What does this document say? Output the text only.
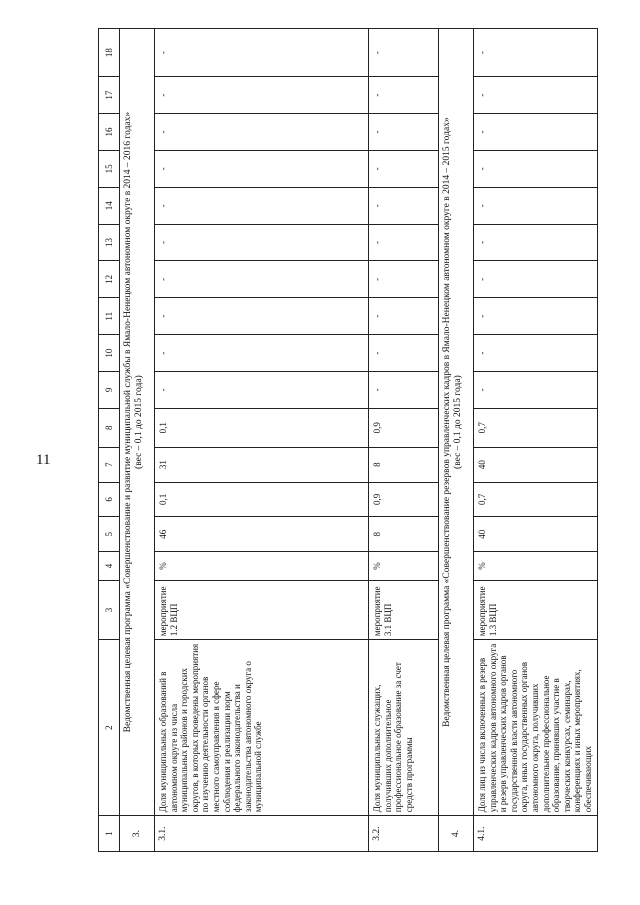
11
1	2	3	4	5	6	7	8	9	10	11	12	13	14	15	16	17	18
3.	Ведомственная целевая программа «Совершенствование и развитие муниципальной службы в Ямало-Ненецком автономном округе в 2014 – 2016 годах» (вес – 0,1 до 2015 года)																

3.1.	Доля муниципальных образований в автономном округе из числа муниципальных районов и городских округов, в которых проведены мероприятия по изучению деятельности органов местного самоуправления в сфере соблюдения и реализации норм федерального законодательства и законодательства автономного округа о муниципальной службе	мероприятие 1.2 ВЦП	%	46	0,1	31	0,1	-	-	-	-	-	-	-	-	-	-
3.2.	Доля муниципальных служащих, получивших дополнительное профессиональное образование за счет средств программы	мероприятие 3.1 ВЦП	%	8	0,9	8	0,9	-	-	-	-	-	-	-	-	-	-
4.	Ведомственная целевая программа «Совершенствование резервов управленческих кадров в Ямало-Ненецком автономном округе в 2014 – 2015 годах» (вес – 0,1 до 2015 года)																

4.1.	Доля лиц из числа включенных в резерв управленческих кадров автономного округа и резерв управленческих кадров органов государственной власти автономного округа, иных государственных органов автономного округа, получивших дополнительное профессиональное образование, принявших участие в творческих конкурсах, семинарах, конференциях и иных мероприятиях, обеспечивающих	мероприятие 1.3 ВЦП	%	40	0,7	40	0,7	-	-	-	-	-	-	-	-	-	-
